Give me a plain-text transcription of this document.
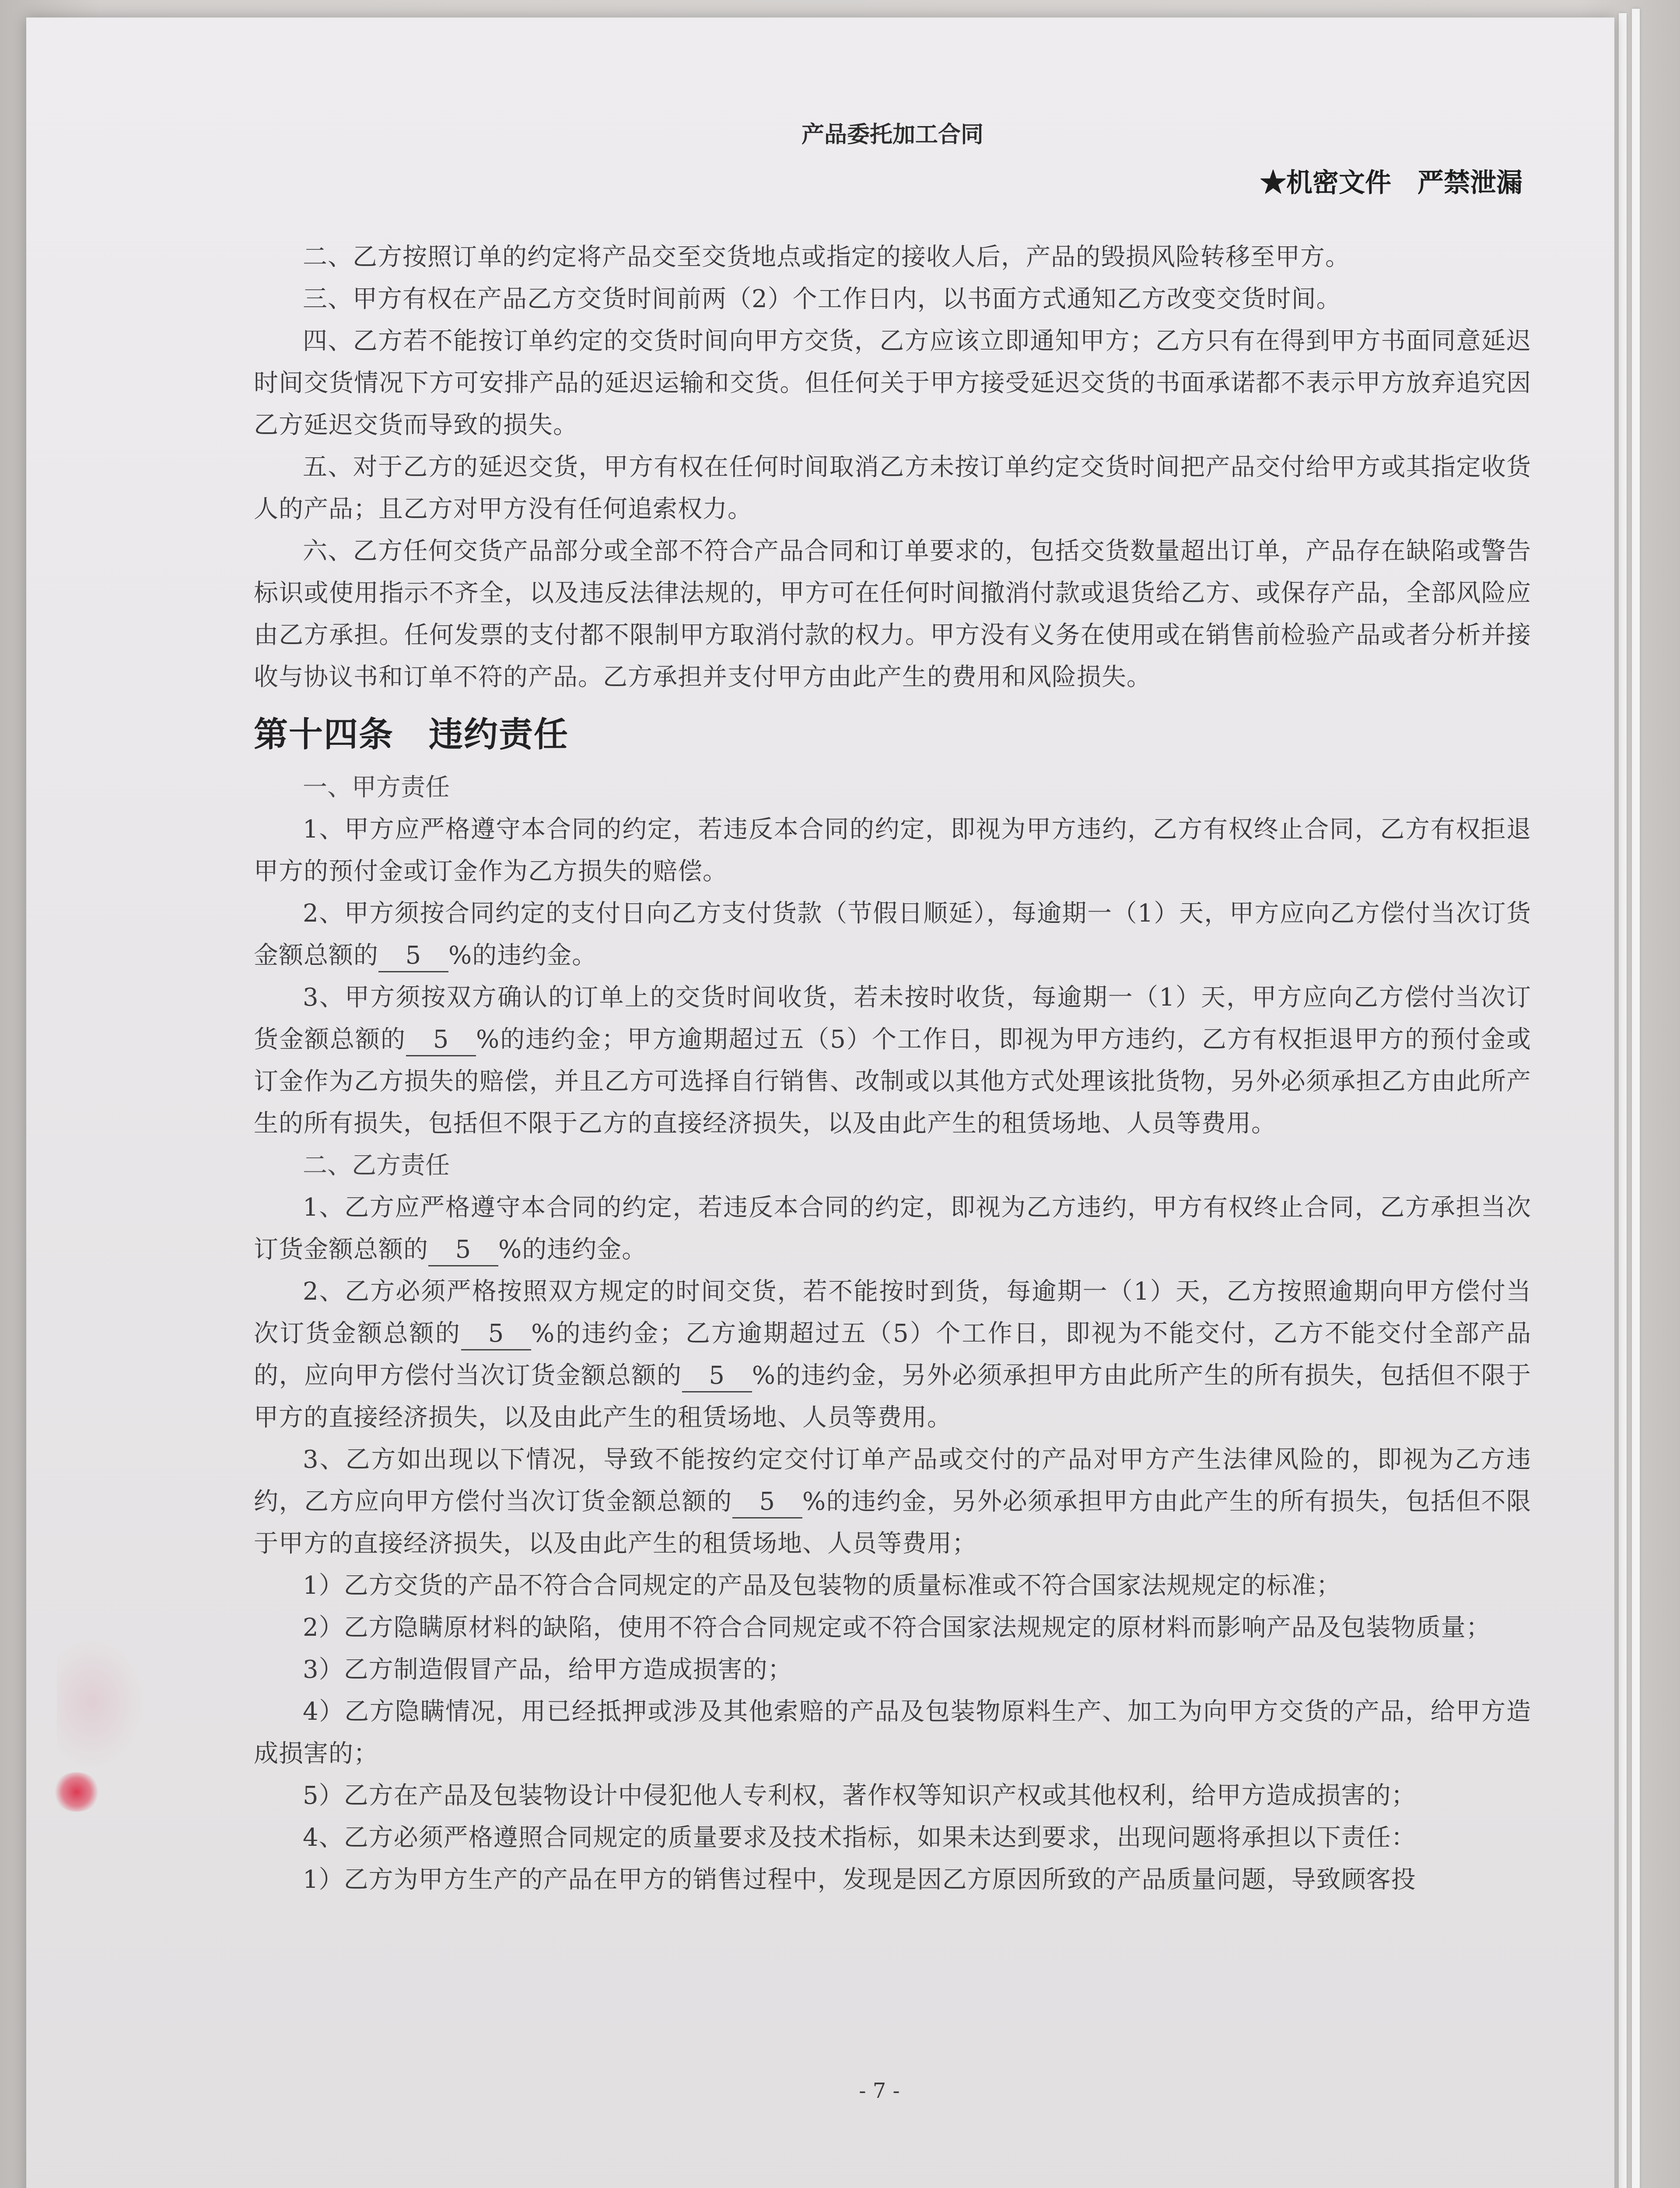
产品委托加工合同
★机密文件　严禁泄漏

二、乙方按照订单的约定将产品交至交货地点或指定的接收人后，产品的毁损风险转移至甲方。

三、甲方有权在产品乙方交货时间前两（2）个工作日内，以书面方式通知乙方改变交货时间。

四、乙方若不能按订单约定的交货时间向甲方交货，乙方应该立即通知甲方；乙方只有在得到甲方书面同意延迟时间交货情况下方可安排产品的延迟运输和交货。但任何关于甲方接受延迟交货的书面承诺都不表示甲方放弃追究因乙方延迟交货而导致的损失。

五、对于乙方的延迟交货，甲方有权在任何时间取消乙方未按订单约定交货时间把产品交付给甲方或其指定收货人的产品；且乙方对甲方没有任何追索权力。

六、乙方任何交货产品部分或全部不符合产品合同和订单要求的，包括交货数量超出订单，产品存在缺陷或警告标识或使用指示不齐全，以及违反法律法规的，甲方可在任何时间撤消付款或退货给乙方、或保存产品，全部风险应由乙方承担。任何发票的支付都不限制甲方取消付款的权力。甲方没有义务在使用或在销售前检验产品或者分析并接收与协议书和订单不符的产品。乙方承担并支付甲方由此产生的费用和风险损失。

第十四条　违约责任

一、甲方责任

1、甲方应严格遵守本合同的约定，若违反本合同的约定，即视为甲方违约，乙方有权终止合同，乙方有权拒退甲方的预付金或订金作为乙方损失的赔偿。

2、甲方须按合同约定的支付日向乙方支付货款（节假日顺延），每逾期一（1）天，甲方应向乙方偿付当次订货金额总额的 5 %的违约金。

3、甲方须按双方确认的订单上的交货时间收货，若未按时收货，每逾期一（1）天，甲方应向乙方偿付当次订货金额总额的 5 %的违约金；甲方逾期超过五（5）个工作日，即视为甲方违约，乙方有权拒退甲方的预付金或订金作为乙方损失的赔偿，并且乙方可选择自行销售、改制或以其他方式处理该批货物，另外必须承担乙方由此所产生的所有损失，包括但不限于乙方的直接经济损失，以及由此产生的租赁场地、人员等费用。

二、乙方责任

1、乙方应严格遵守本合同的约定，若违反本合同的约定，即视为乙方违约，甲方有权终止合同，乙方承担当次订货金额总额的 5 %的违约金。

2、乙方必须严格按照双方规定的时间交货，若不能按时到货，每逾期一（1）天，乙方按照逾期向甲方偿付当次订货金额总额的 5 %的违约金；乙方逾期超过五（5）个工作日，即视为不能交付，乙方不能交付全部产品的，应向甲方偿付当次订货金额总额的 5 %的违约金，另外必须承担甲方由此所产生的所有损失，包括但不限于甲方的直接经济损失，以及由此产生的租赁场地、人员等费用。

3、乙方如出现以下情况，导致不能按约定交付订单产品或交付的产品对甲方产生法律风险的，即视为乙方违约，乙方应向甲方偿付当次订货金额总额的 5 %的违约金，另外必须承担甲方由此产生的所有损失，包括但不限于甲方的直接经济损失，以及由此产生的租赁场地、人员等费用；

1）乙方交货的产品不符合合同规定的产品及包装物的质量标准或不符合国家法规规定的标准；

2）乙方隐瞒原材料的缺陷，使用不符合合同规定或不符合国家法规规定的原材料而影响产品及包装物质量；

3）乙方制造假冒产品，给甲方造成损害的；

4）乙方隐瞒情况，用已经抵押或涉及其他索赔的产品及包装物原料生产、加工为向甲方交货的产品，给甲方造成损害的；

5）乙方在产品及包装物设计中侵犯他人专利权，著作权等知识产权或其他权利，给甲方造成损害的；

4、乙方必须严格遵照合同规定的质量要求及技术指标，如果未达到要求，出现问题将承担以下责任：

1）乙方为甲方生产的产品在甲方的销售过程中，发现是因乙方原因所致的产品质量问题，导致顾客投

- 7 -
